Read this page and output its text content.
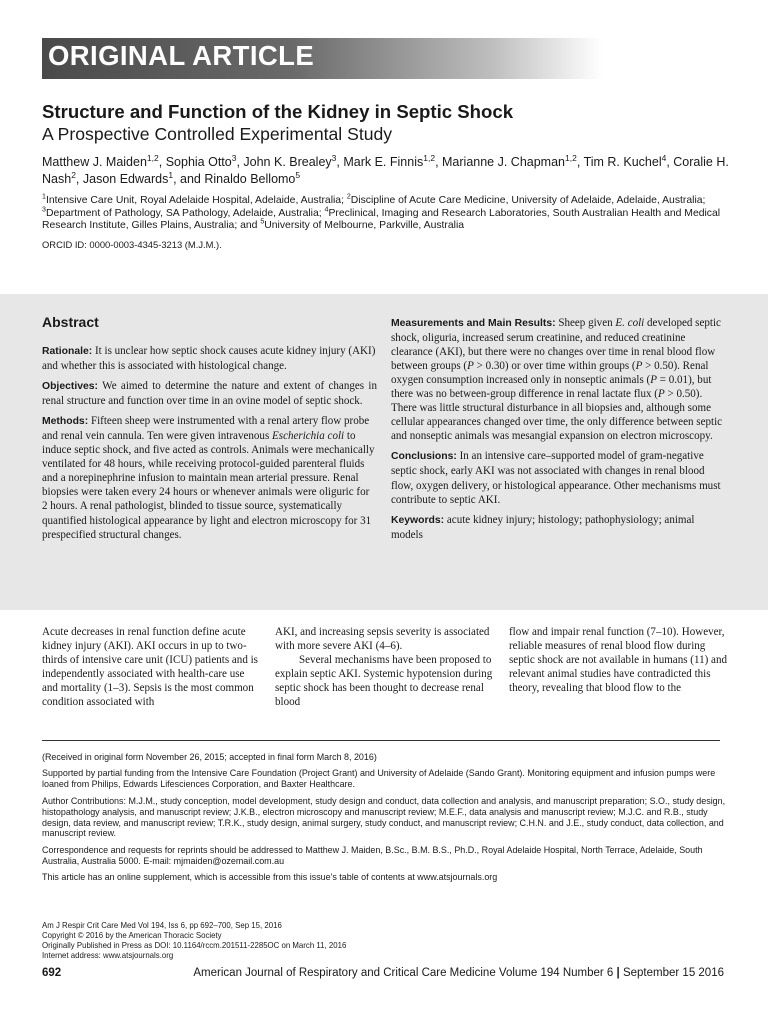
ORIGINAL ARTICLE
Structure and Function of the Kidney in Septic Shock
A Prospective Controlled Experimental Study

Matthew J. Maiden$^{1,2}$, Sophia Otto$^3$, John K. Brealey$^3$, Mark E. Finnis$^{1,2}$, Marianne J. Chapman$^{1,2}$, Tim R. Kuchel$^4$, Coralie H. Nash$^2$, Jason Edwards$^1$, and Rinaldo Bellomo$^5$

$^1$Intensive Care Unit, Royal Adelaide Hospital, Adelaide, Australia; $^2$Discipline of Acute Care Medicine, University of Adelaide, Adelaide, Australia; $^3$Department of Pathology, SA Pathology, Adelaide, Australia; $^4$Preclinical, Imaging and Research Laboratories, South Australian Health and Medical Research Institute, Gilles Plains, Australia; and $^5$University of Melbourne, Parkville, Australia

ORCID ID: 0000-0003-4345-3213 (M.J.M.).

Abstract

Rationale: It is unclear how septic shock causes acute kidney injury (AKI) and whether this is associated with histological change.

Objectives: We aimed to determine the nature and extent of changes in renal structure and function over time in an ovine model of septic shock.

Methods: Fifteen sheep were instrumented with a renal artery flow probe and renal vein cannula. Ten were given intravenous Escherichia coli to induce septic shock, and five acted as controls. Animals were mechanically ventilated for 48 hours, while receiving protocol-guided parenteral fluids and a norepinephrine infusion to maintain mean arterial pressure. Renal biopsies were taken every 24 hours or whenever animals were oliguric for 2 hours. A renal pathologist, blinded to tissue source, systematically quantified histological appearance by light and electron microscopy for 31 prespecified structural changes.

Measurements and Main Results: Sheep given E. coli developed septic shock, oliguria, increased serum creatinine, and reduced creatinine clearance (AKI), but there were no changes over time in renal blood flow between groups (P > 0.30) or over time within groups (P > 0.50). Renal oxygen consumption increased only in nonseptic animals (P = 0.01), but there was no between-group difference in renal lactate flux (P > 0.50). There was little structural disturbance in all biopsies and, although some cellular appearances changed over time, the only difference between septic and nonseptic animals was mesangial expansion on electron microscopy.

Conclusions: In an intensive care–supported model of gram-negative septic shock, early AKI was not associated with changes in renal blood flow, oxygen delivery, or histological appearance. Other mechanisms must contribute to septic AKI.

Keywords: acute kidney injury; histology; pathophysiology; animal models

Acute decreases in renal function define acute kidney injury (AKI). AKI occurs in up to two-thirds of intensive care unit (ICU) patients and is independently associated with health-care use and mortality (1–3). Sepsis is the most common condition associated with

AKI, and increasing sepsis severity is associated with more severe AKI (4–6).
Several mechanisms have been proposed to explain septic AKI. Systemic hypotension during septic shock has been thought to decrease renal blood

flow and impair renal function (7–10). However, reliable measures of renal blood flow during septic shock are not available in humans (11) and relevant animal studies have contradicted this theory, revealing that blood flow to the

(Received in original form November 26, 2015; accepted in final form March 8, 2016)

Supported by partial funding from the Intensive Care Foundation (Project Grant) and University of Adelaide (Sando Grant). Monitoring equipment and infusion pumps were loaned from Philips, Edwards Lifesciences Corporation, and Baxter Healthcare.

Author Contributions: M.J.M., study conception, model development, study design and conduct, data collection and analysis, and manuscript preparation; S.O., study design, histopathology analysis, and manuscript review; J.K.B., electron microscopy and manuscript review; M.E.F., data analysis and manuscript review; M.J.C. and R.B., study design, data review, and manuscript review; T.R.K., study design, animal surgery, study conduct, and manuscript review; C.H.N. and J.E., study conduct, data collection, and manuscript review.

Correspondence and requests for reprints should be addressed to Matthew J. Maiden, B.Sc., B.M. B.S., Ph.D., Royal Adelaide Hospital, North Terrace, Adelaide, South Australia, Australia 5000. E-mail: mjmaiden@ozemail.com.au

This article has an online supplement, which is accessible from this issue's table of contents at www.atsjournals.org

Am J Respir Crit Care Med Vol 194, Iss 6, pp 692–700, Sep 15, 2016
Copyright © 2016 by the American Thoracic Society
Originally Published in Press as DOI: 10.1164/rccm.201511-2285OC on March 11, 2016
Internet address: www.atsjournals.org

692	American Journal of Respiratory and Critical Care Medicine Volume 194 Number 6 | September 15 2016
